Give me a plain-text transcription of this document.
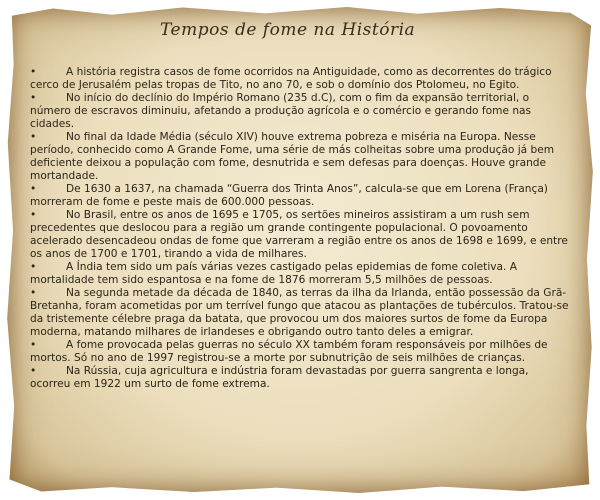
Tempos de fome na História
•	A história registra casos de fome ocorridos na Antiguidade, como as decorrentes do trágico cerco de Jerusalém pelas tropas de Tito, no ano 70, e sob o domínio dos Ptolomeu, no Egito.
•	No início do declínio do Império Romano (235 d.C), com o fim da expansão territorial, o número de escravos diminuiu, afetando a produção agrícola e o comércio e gerando fome nas cidades.
•	No final da Idade Média (século XIV) houve extrema pobreza e miséria na Europa. Nesse período, conhecido como A Grande Fome, uma série de más colheitas sobre uma produção já bem deficiente deixou a população com fome, desnutrida e sem defesas para doenças. Houve grande mortandade.
•	De 1630 a 1637, na chamada “Guerra dos Trinta Anos”, calcula-se que em Lorena (França) morreram de fome e peste mais de 600.000 pessoas.
•	No Brasil, entre os anos de 1695 e 1705, os sertões mineiros assistiram a um rush sem precedentes que deslocou para a região um grande contingente populacional. O povoamento acelerado desencadeou ondas de fome que varreram a região entre os anos de 1698 e 1699, e entre os anos de 1700 e 1701, tirando a vida de milhares.
•	A Índia tem sido um país várias vezes castigado pelas epidemias de fome coletiva. A mortalidade tem sido espantosa e na fome de 1876 morreram 5,5 milhões de pessoas.
•	Na segunda metade da década de 1840, as terras da ilha da Irlanda, então possessão da Grã-Bretanha, foram acometidas por um terrível fungo que atacou as plantações de tubérculos. Tratou-se da tristemente célebre praga da batata, que provocou um dos maiores surtos de fome da Europa moderna, matando milhares de irlandeses e obrigando outro tanto deles a emigrar.
•	A fome provocada pelas guerras no século XX também foram responsáveis por milhões de mortos. Só no ano de 1997 registrou-se a morte por subnutrição de seis milhões de crianças.
•	Na Rússia, cuja agricultura e indústria foram devastadas por guerra sangrenta e longa, ocorreu em 1922 um surto de fome extrema.
